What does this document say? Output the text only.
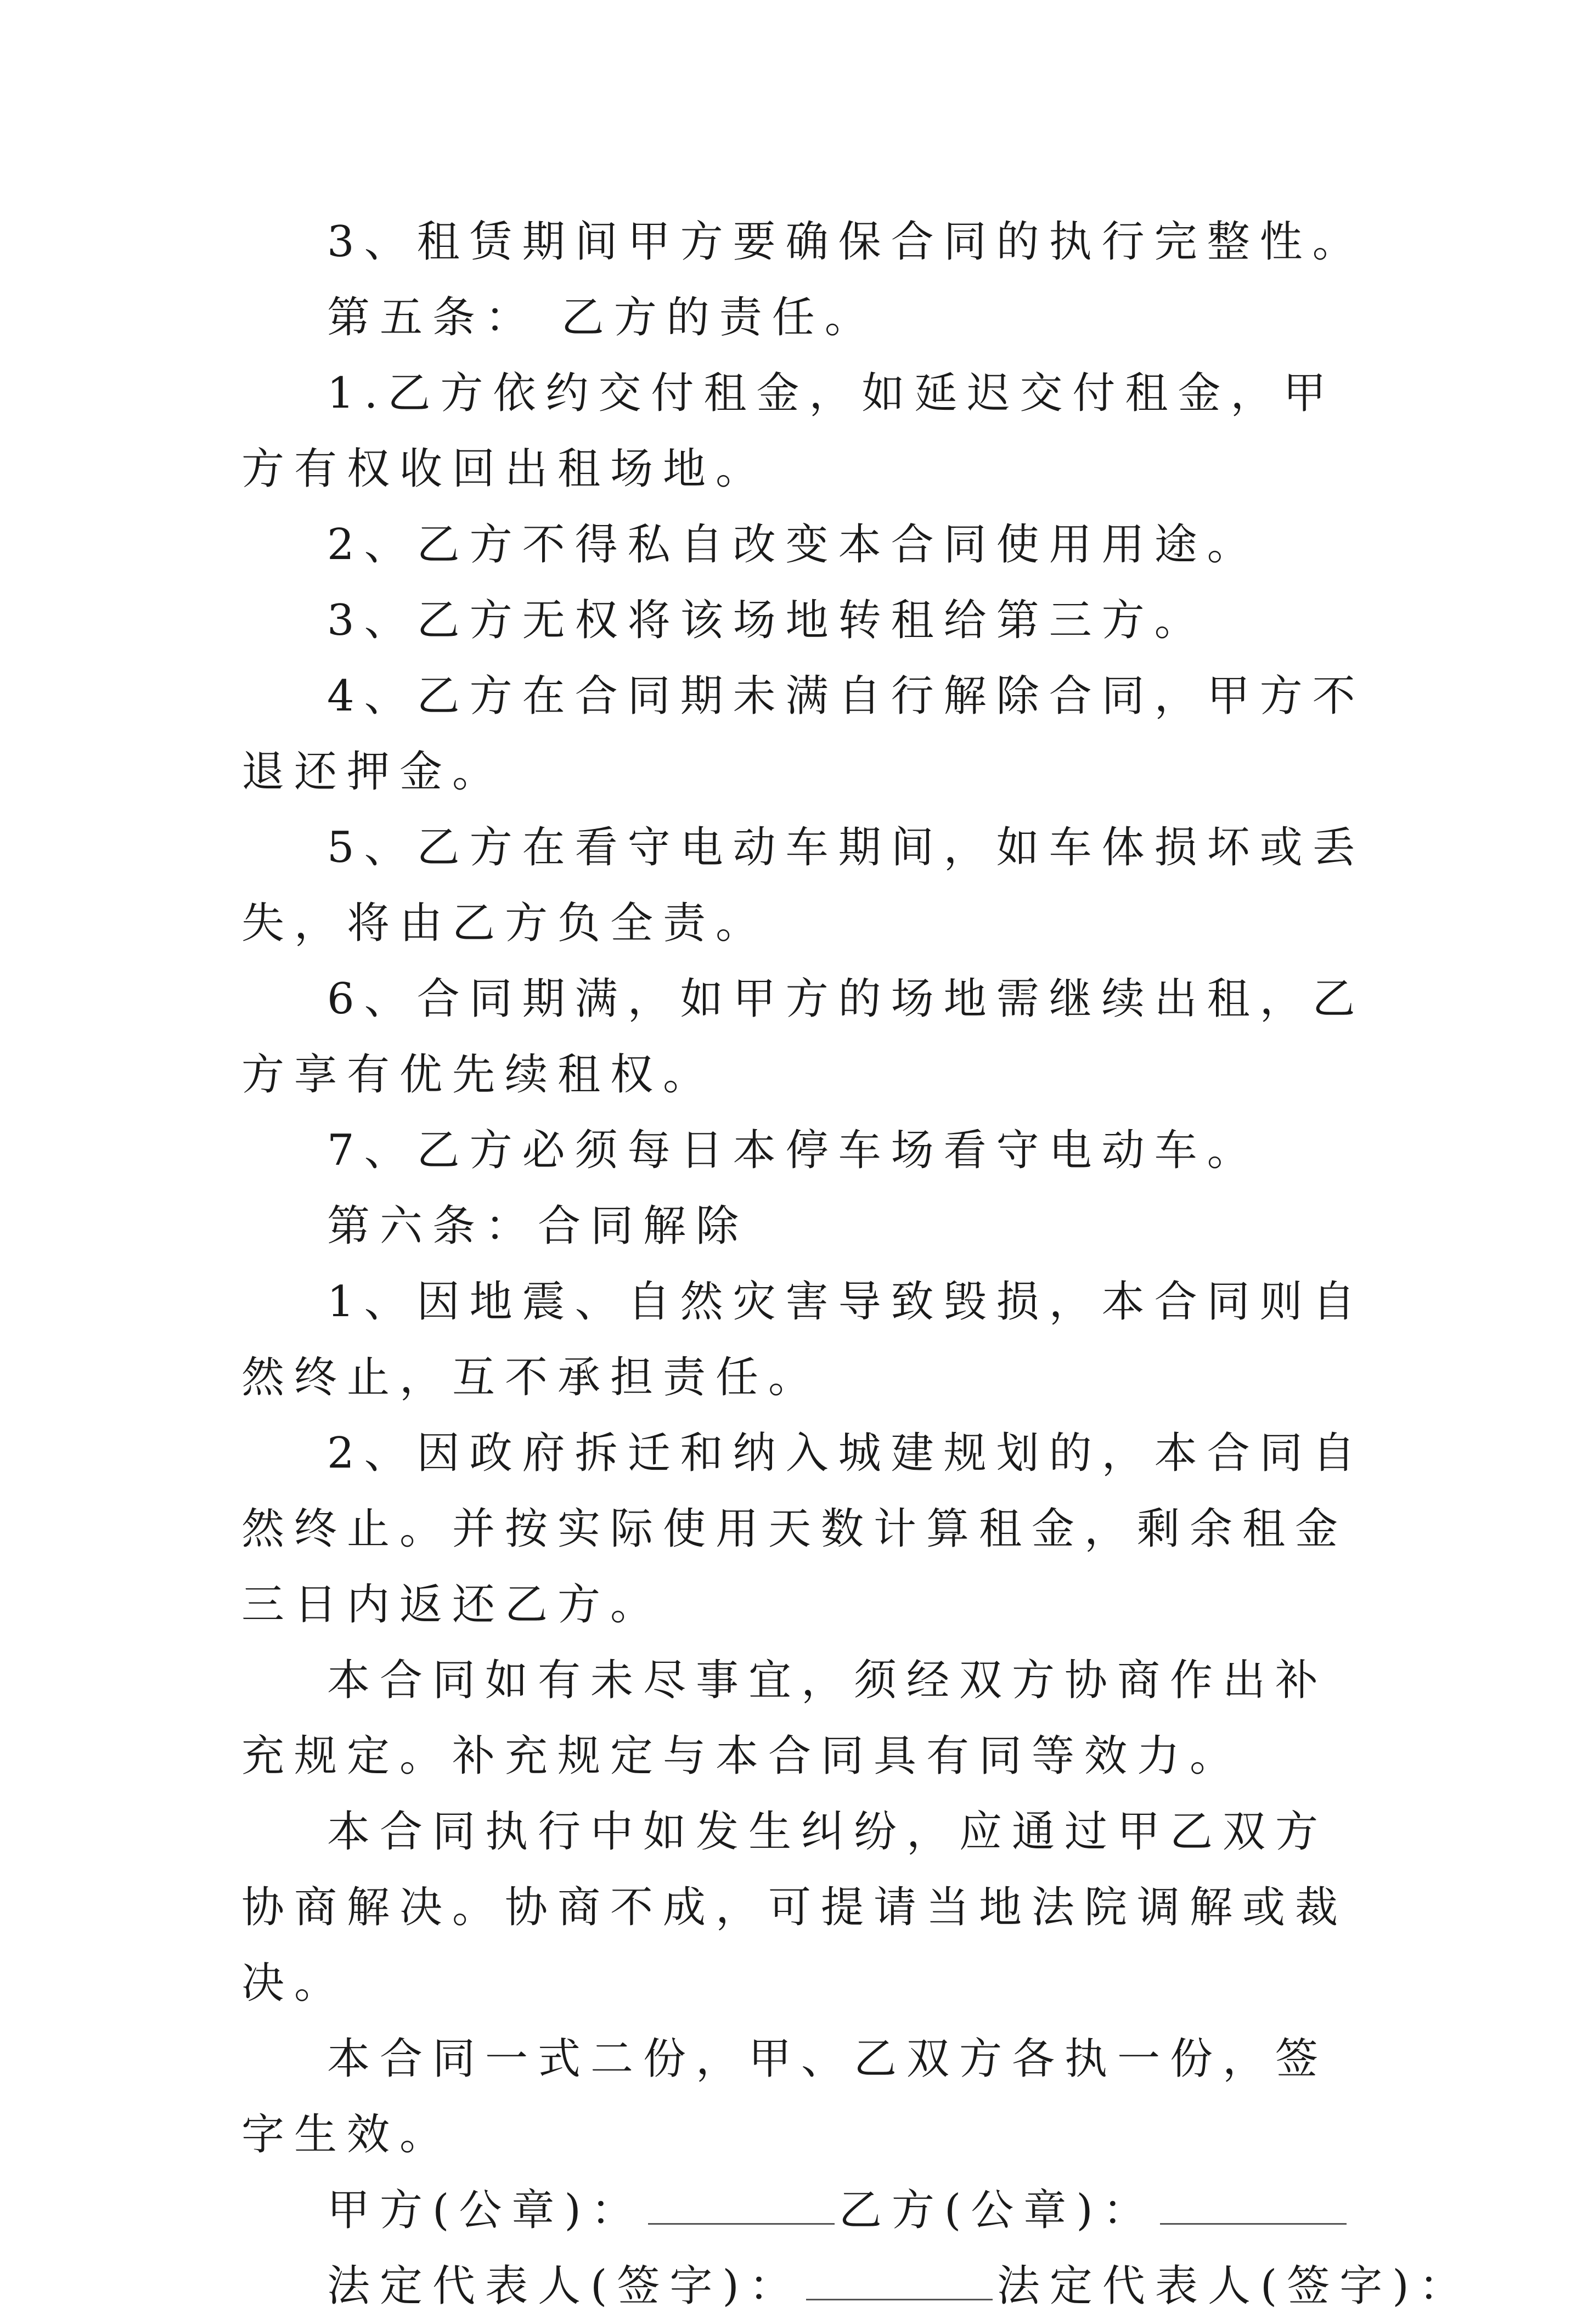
3、租赁期间甲方要确保合同的执行完整性。

第五条： 乙方的责任。

1.乙方依约交付租金，如延迟交付租金，甲方有权收回出租场地。

2、乙方不得私自改变本合同使用用途。

3、乙方无权将该场地转租给第三方。

4、乙方在合同期未满自行解除合同，甲方不退还押金。

5、乙方在看守电动车期间，如车体损坏或丢失，将由乙方负全责。

6、合同期满，如甲方的场地需继续出租，乙方享有优先续租权。

7、乙方必须每日本停车场看守电动车。

第六条：合同解除

1、因地震、自然灾害导致毁损，本合同则自然终止，互不承担责任。

2、因政府拆迁和纳入城建规划的，本合同自然终止。并按实际使用天数计算租金，剩余租金三日内返还乙方。

本合同如有未尽事宜，须经双方协商作出补充规定。补充规定与本合同具有同等效力。

本合同执行中如发生纠纷，应通过甲乙双方协商解决。协商不成，可提请当地法院调解或裁决。

本合同一式二份，甲、乙双方各执一份，签字生效。

甲方(公章)：	乙方(公章)：

法定代表人(签字)：	法定代表人(签字)：
